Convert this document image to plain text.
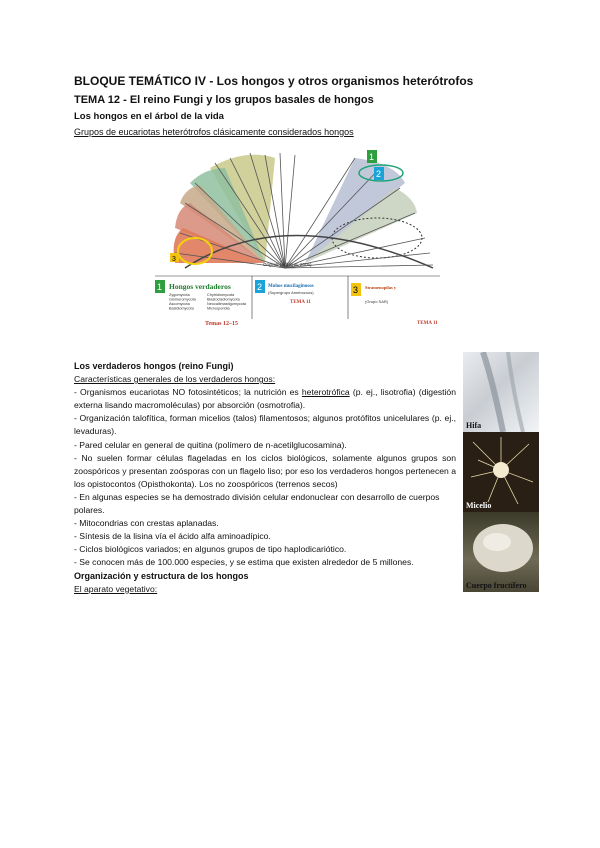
BLOQUE TEMÁTICO IV - Los hongos y otros organismos heterótrofos
TEMA 12 - El reino Fungi y los grupos basales de hongos
Los hongos en el árbol de la vida
Grupos de eucariotas heterótrofos clásicamente considerados hongos
1
2
3
Original (Adl et al. 2005)
1 Hongos verdaderos
Zygomycota
Glomeromycota
Ascomycota
Basidiomycota
Chytridiomycota
Blastocladiomycota
Neocallimastigomycota
Microsporidia
Temas 12–15
2 Mohos mucilaginosos
(Supergrupo Amebozoos)
TEMA 11
3 Stramenopilas y
(Grupo SAR)
TEMA 11

Los verdaderos hongos (reino Fungi)

Características generales de los verdaderos hongos:

- Organismos eucariotas NO fotosintéticos; la nutrición es heterotrófica (p. ej., lisotrofia) (digestión externa lisando macromoléculas) por absorción (osmotrofia).

- Organización talofítica, forman micelios (talos) filamentosos; algunos protófitos unicelulares (p. ej., levaduras).

- Pared celular en general de quitina (polímero de n-acetilglucosamina).

- No suelen formar células flageladas en los ciclos biológicos, solamente algunos grupos son zoospóricos y presentan zoósporas con un flagelo liso; por eso los verdaderos hongos pertenecen a los opistocontos (Opisthokonta). Los no zoospóricos (terrenos secos)

- En algunas especies se ha demostrado división celular endonuclear con desarrollo de cuerpos polares.

- Mitocondrias con crestas aplanadas.

- Síntesis de la lisina vía el ácido alfa aminoadípico.

- Ciclos biológicos variados; en algunos grupos de tipo haplodicariótico.

- Se conocen más de 100.000 especies, y se estima que existen alrededor de 5 millones.

Organización y estructura de los hongos

El aparato vegetativo:

Hifa
Micelio
Cuerpo fructífero
